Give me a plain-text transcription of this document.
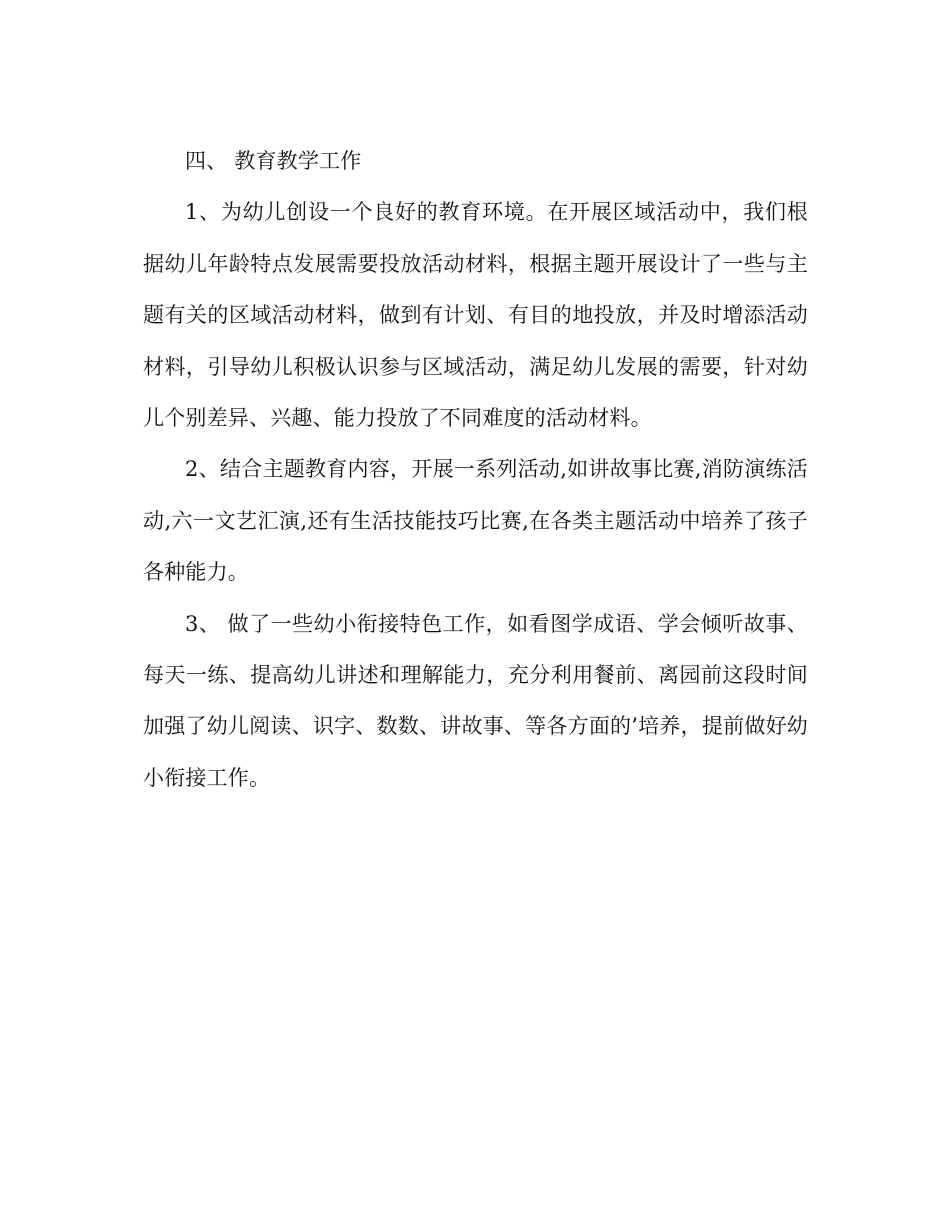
四、 教育教学工作

1、为幼儿创设一个良好的教育环境。在开展区域活动中，我们根据幼儿年龄特点发展需要投放活动材料，根据主题开展设计了一些与主题有关的区域活动材料，做到有计划、有目的地投放，并及时增添活动材料，引导幼儿积极认识参与区域活动，满足幼儿发展的需要，针对幼儿个别差异、兴趣、能力投放了不同难度的活动材料。

2、结合主题教育内容，开展一系列活动,如讲故事比赛,消防演练活动,六一文艺汇演,还有生活技能技巧比赛,在各类主题活动中培养了孩子各种能力。

3、 做了一些幼小衔接特色工作，如看图学成语、学会倾听故事、每天一练、提高幼儿讲述和理解能力，充分利用餐前、离园前这段时间加强了幼儿阅读、识字、数数、讲故事、等各方面的’培养，提前做好幼小衔接工作。
